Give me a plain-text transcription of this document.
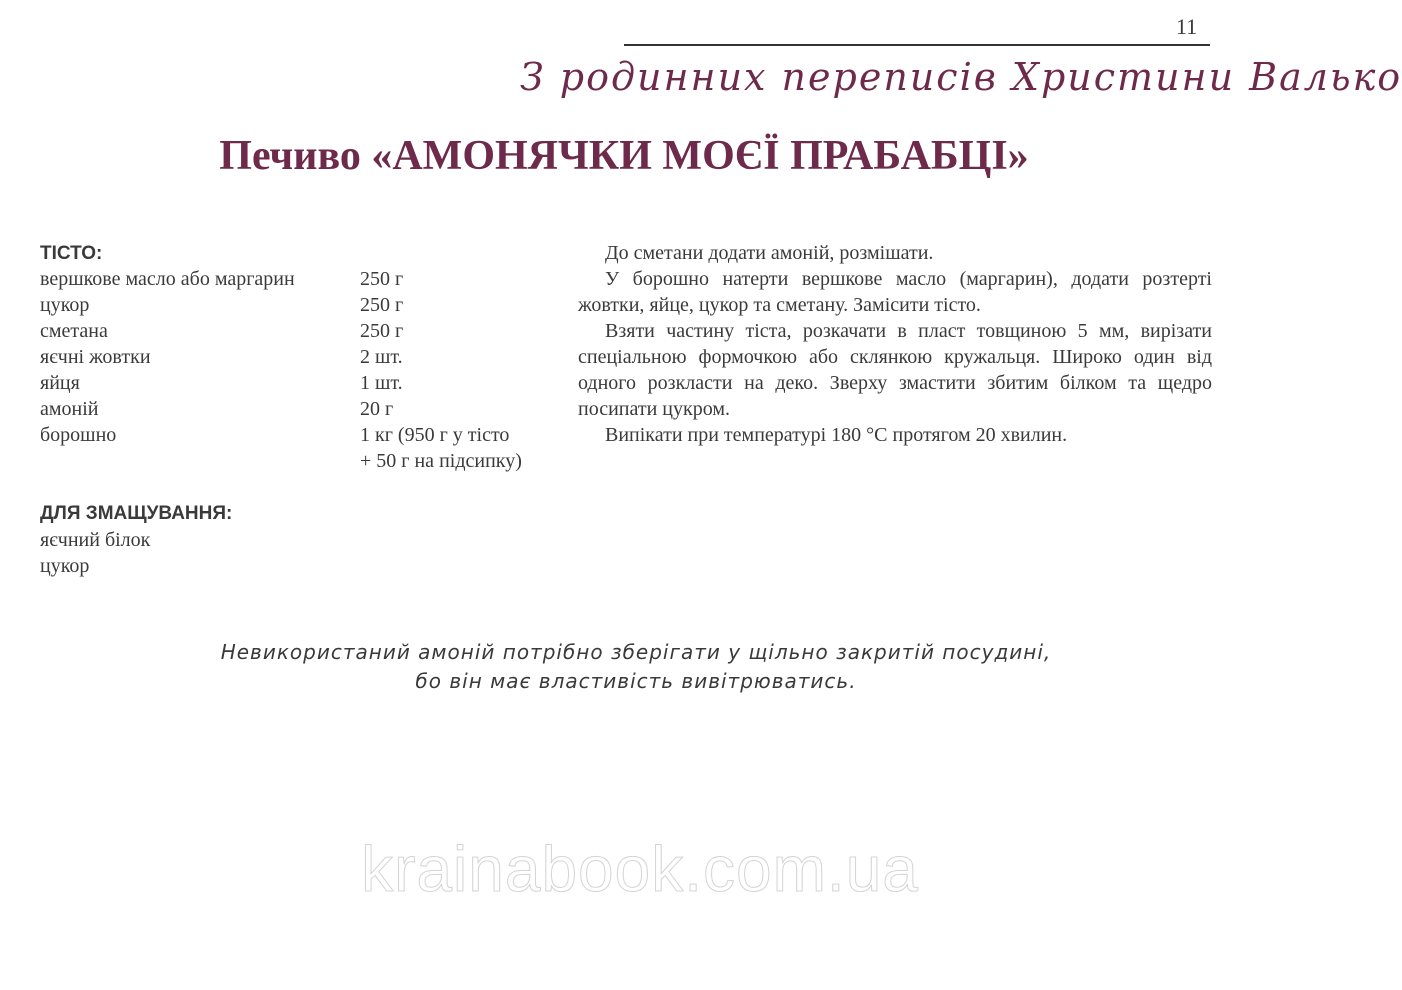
11
З родинних переписів Христини Валько
Печиво «АМОНЯЧКИ МОЄЇ ПРАБАБЦІ»
ТІСТО:
вершкове масло або маргарин	250 г
цукор	250 г
сметана	250 г
яєчні жовтки	2 шт.
яйця	1 шт.
амоній	20 г
борошно	1 кг (950 г у тісто
+ 50 г на підсипку)
ДЛЯ ЗМАЩУВАННЯ:
яєчний білок
цукор

До сметани додати амоній, розмішати.

У борошно натерти вершкове масло (маргарин), додати розтерті жовтки, яйце, цукор та сметану. Замісити тісто.

Взяти частину тіста, розкачати в пласт товщиною 5 мм, вирізати спеціальною формочкою або склянкою кружальця. Широко один від одного розкласти на деко. Зверху змастити збитим білком та щедро посипати цукром.

Випікати при температурі 180 °С протягом 20 хвилин.

Невикористаний амоній потрібно зберігати у щільно закритій посудині,
бо він має властивість вивітрюватись.
krainabook.com.ua
